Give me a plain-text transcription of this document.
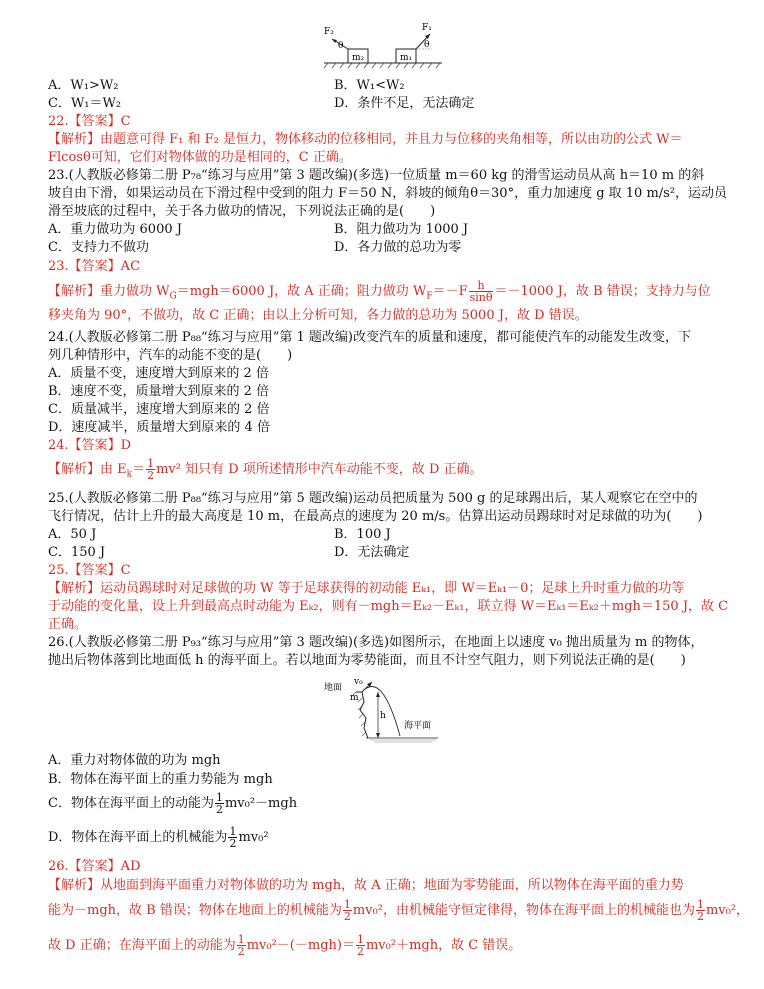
F₂	F₁
θ	θ
m₂	m₁
A．W₁>W₂	B．W₁<W₂
C．W₁＝W₂	D．条件不足，无法确定
22.【答案】C
【解析】由题意可得 F₁ 和 F₂ 是恒力，物体移动的位移相同，并且力与位移的夹角相等，所以由功的公式 W＝
Flcosθ可知，它们对物体做的功是相同的，C 正确。
23.(人教版必修第二册 P₇₈“练习与应用”第 3 题改编)(多选)一位质量 m＝60 kg 的滑雪运动员从高 h＝10 m 的斜
坡自由下滑，如果运动员在下滑过程中受到的阻力 F＝50 N，斜坡的倾角θ＝30°，重力加速度 g 取 10 m/s²，运动员
滑至坡底的过程中，关于各力做功的情况，下列说法正确的是(　　)
A．重力做功为 6000 J	B．阻力做功为 1000 J
C．支持力不做功	D．各力做的总功为零
23.【答案】AC
【解析】重力做功 $W_G=mgh=6000$ J，故 A 正确；阻力做功 $W_F=-F \frac{h}{\sin\theta} =-1000$ J，故 B 错误；支持力与位
移夹角为 90°，不做功，故 C 正确；由以上分析可知，各力做的总功为 5000 J，故 D 错误。
24.(人教版必修第二册 P₈₈“练习与应用”第 1 题改编)改变汽车的质量和速度，都可能使汽车的动能发生改变，下
列几种情形中，汽车的动能不变的是(　　)
A．质量不变，速度增大到原来的 2 倍
B．速度不变，质量增大到原来的 2 倍
C．质量减半，速度增大到原来的 2 倍
D．速度减半，质量增大到原来的 4 倍
24.【答案】D
【解析】由 $E_k= \frac{1}{2} mv^2$ 知只有 D 项所述情形中汽车动能不变，故 D 正确。
25.(人教版必修第二册 P₈₈“练习与应用”第 5 题改编)运动员把质量为 500 g 的足球踢出后，某人观察它在空中的
飞行情况，估计上升的最大高度是 10 m，在最高点的速度为 20 m/s。估算出运动员踢球时对足球做的功为(　　)
A．50 J	B．100 J
C．150 J	D．无法确定
25.【答案】C
【解析】运动员踢球时对足球做的功 W 等于足球获得的初动能 Eₖ₁，即 W＝Eₖ₁－0；足球上升时重力做的功等
于动能的变化量，设上升到最高点时动能为 Eₖ₂，则有－mgh＝Eₖ₂－Eₖ₁，联立得 W＝Eₖ₁＝Eₖ₂＋mgh＝150 J，故 C
正确。
26.(人教版必修第二册 P₉₃“练习与应用”第 3 题改编)(多选)如图所示，在地面上以速度 v₀ 抛出质量为 m 的物体，
抛出后物体落到比地面低 h 的海平面上。若以地面为零势能面，而且不计空气阻力，则下列说法正确的是(　　)
地面
m
v₀
h
海平面
A．重力对物体做的功为 mgh
B．物体在海平面上的重力势能为 mgh
C．物体在海平面上的动能为 $\frac{1}{2} mv_0^2-mgh$
D．物体在海平面上的机械能为 $\frac{1}{2} mv_0^2$
26.【答案】AD
【解析】从地面到海平面重力对物体做的功为 mgh，故 A 正确；地面为零势能面，所以物体在海平面的重力势
能为－mgh，故 B 错误；物体在地面上的机械能为 $\frac{1}{2} mv_0^2$，由机械能守恒定律得，物体在海平面上的机械能也为 $\frac{1}{2} mv_0^2$，
故 D 正确；在海平面上的动能为 $\frac{1}{2} mv_0^2-(-mgh)= \frac{1}{2} mv_0^2+mgh$，故 C 错误。
